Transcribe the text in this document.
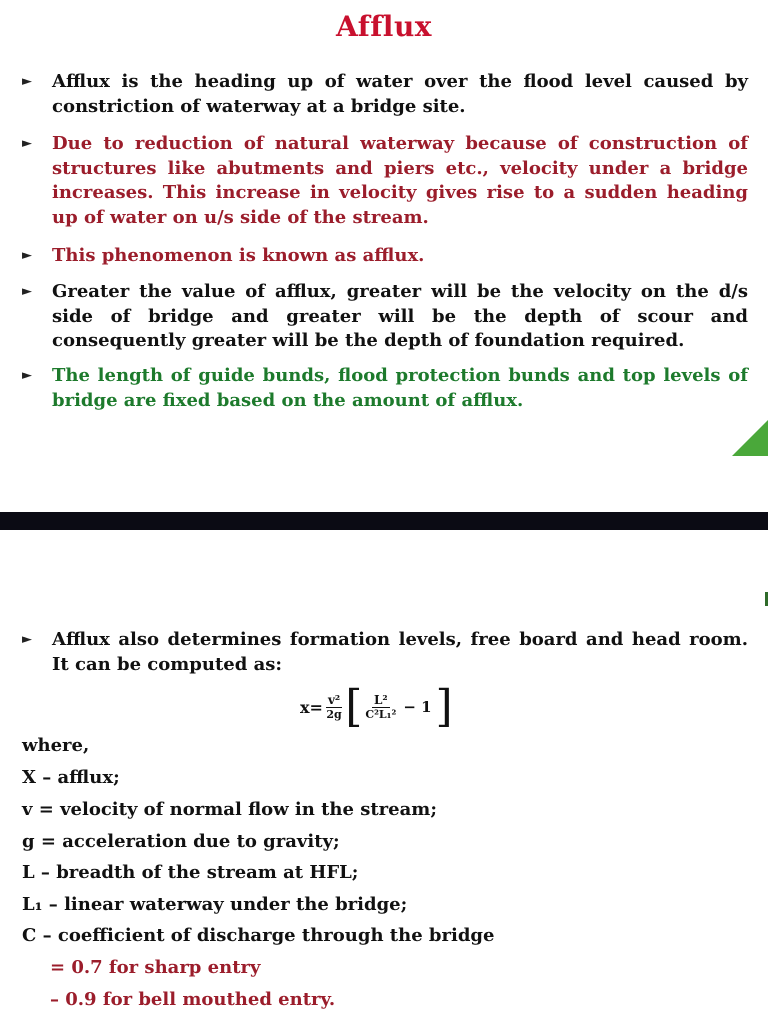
Afflux
► Afflux is the heading up of water over the flood level caused by constriction of waterway at a bridge site.
► Due to reduction of natural waterway because of construction of structures like abutments and piers etc., velocity under a bridge increases. This increase in velocity gives rise to a sudden heading up of water on u/s side of the stream.
► This phenomenon is known as afflux.
► Greater the value of afflux, greater will be the velocity on the d/s side of bridge and greater will be the depth of scour and consequently greater will be the depth of foundation required.
► The length of guide bunds, flood protection bunds and top levels of bridge are fixed based on the amount of afflux.
► Afflux also determines formation levels, free board and head room. It can be computed as:
$x= \frac{\text{v²}}{2g}$ [ $\frac{\text{L²}}{\text{C²L₁²}} - 1$ ]
where,
X – afflux;
v = velocity of normal flow in the stream;
g = acceleration due to gravity;
L – breadth of the stream at HFL;
L₁ – linear waterway under the bridge;
C – coefficient of discharge through the bridge
= 0.7 for sharp entry
– 0.9 for bell mouthed entry.
